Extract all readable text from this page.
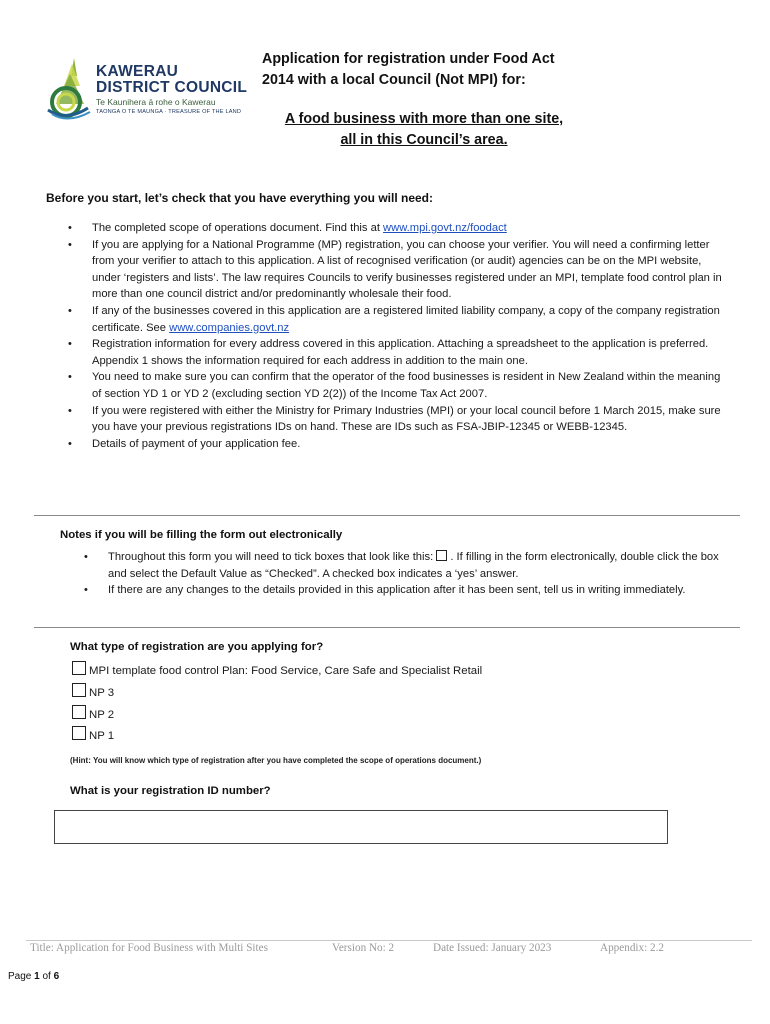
KAWERAU
DISTRICT COUNCIL
Te Kaunihera ā rohe o Kawerau
TAONGA O TE MAUNGA · TREASURE OF THE LAND
Application for registration under Food Act
2014 with a local Council (Not MPI) for:
A food business with more than one site,
all in this Council’s area.
Before you start, let’s check that you have everything you will need:
• The completed scope of operations document. Find this at www.mpi.govt.nz/foodact
• If you are applying for a National Programme (MP) registration, you can choose your verifier. You will need a confirming letter from your verifier to attach to this application. A list of recognised verification (or audit) agencies can be on the MPI website, under ‘registers and lists’. The law requires Councils to verify businesses registered under an MPI, template food control plan in more than one council district and/or predominantly wholesale their food.
• If any of the businesses covered in this application are a registered limited liability company, a copy of the company registration certificate. See www.companies.govt.nz
• Registration information for every address covered in this application. Attaching a spreadsheet to the application is preferred. Appendix 1 shows the information required for each address in addition to the main one.
• You need to make sure you can confirm that the operator of the food businesses is resident in New Zealand within the meaning of section YD 1 or YD 2 (excluding section YD 2(2)) of the Income Tax Act 2007.
• If you were registered with either the Ministry for Primary Industries (MPI) or your local council before 1 March 2015, make sure you have your previous registrations IDs on hand. These are IDs such as FSA-JBIP-12345 or WEBB-12345.
• Details of payment of your application fee.
Notes if you will be filling the form out electronically
• Throughout this form you will need to tick boxes that look like this: . If filling in the form electronically, double click the box and select the Default Value as “Checked”. A checked box indicates a ‘yes’ answer.
• If there are any changes to the details provided in this application after it has been sent, tell us in writing immediately.
What type of registration are you applying for?
MPI template food control Plan: Food Service, Care Safe and Specialist Retail
NP 3
NP 2
NP 1
(Hint: You will know which type of registration after you have completed the scope of operations document.)
What is your registration ID number?
Title: Application for Food Business with Multi Sites	Version No: 2	Date Issued: January 2023	Appendix: 2.2
Page 1 of 6
